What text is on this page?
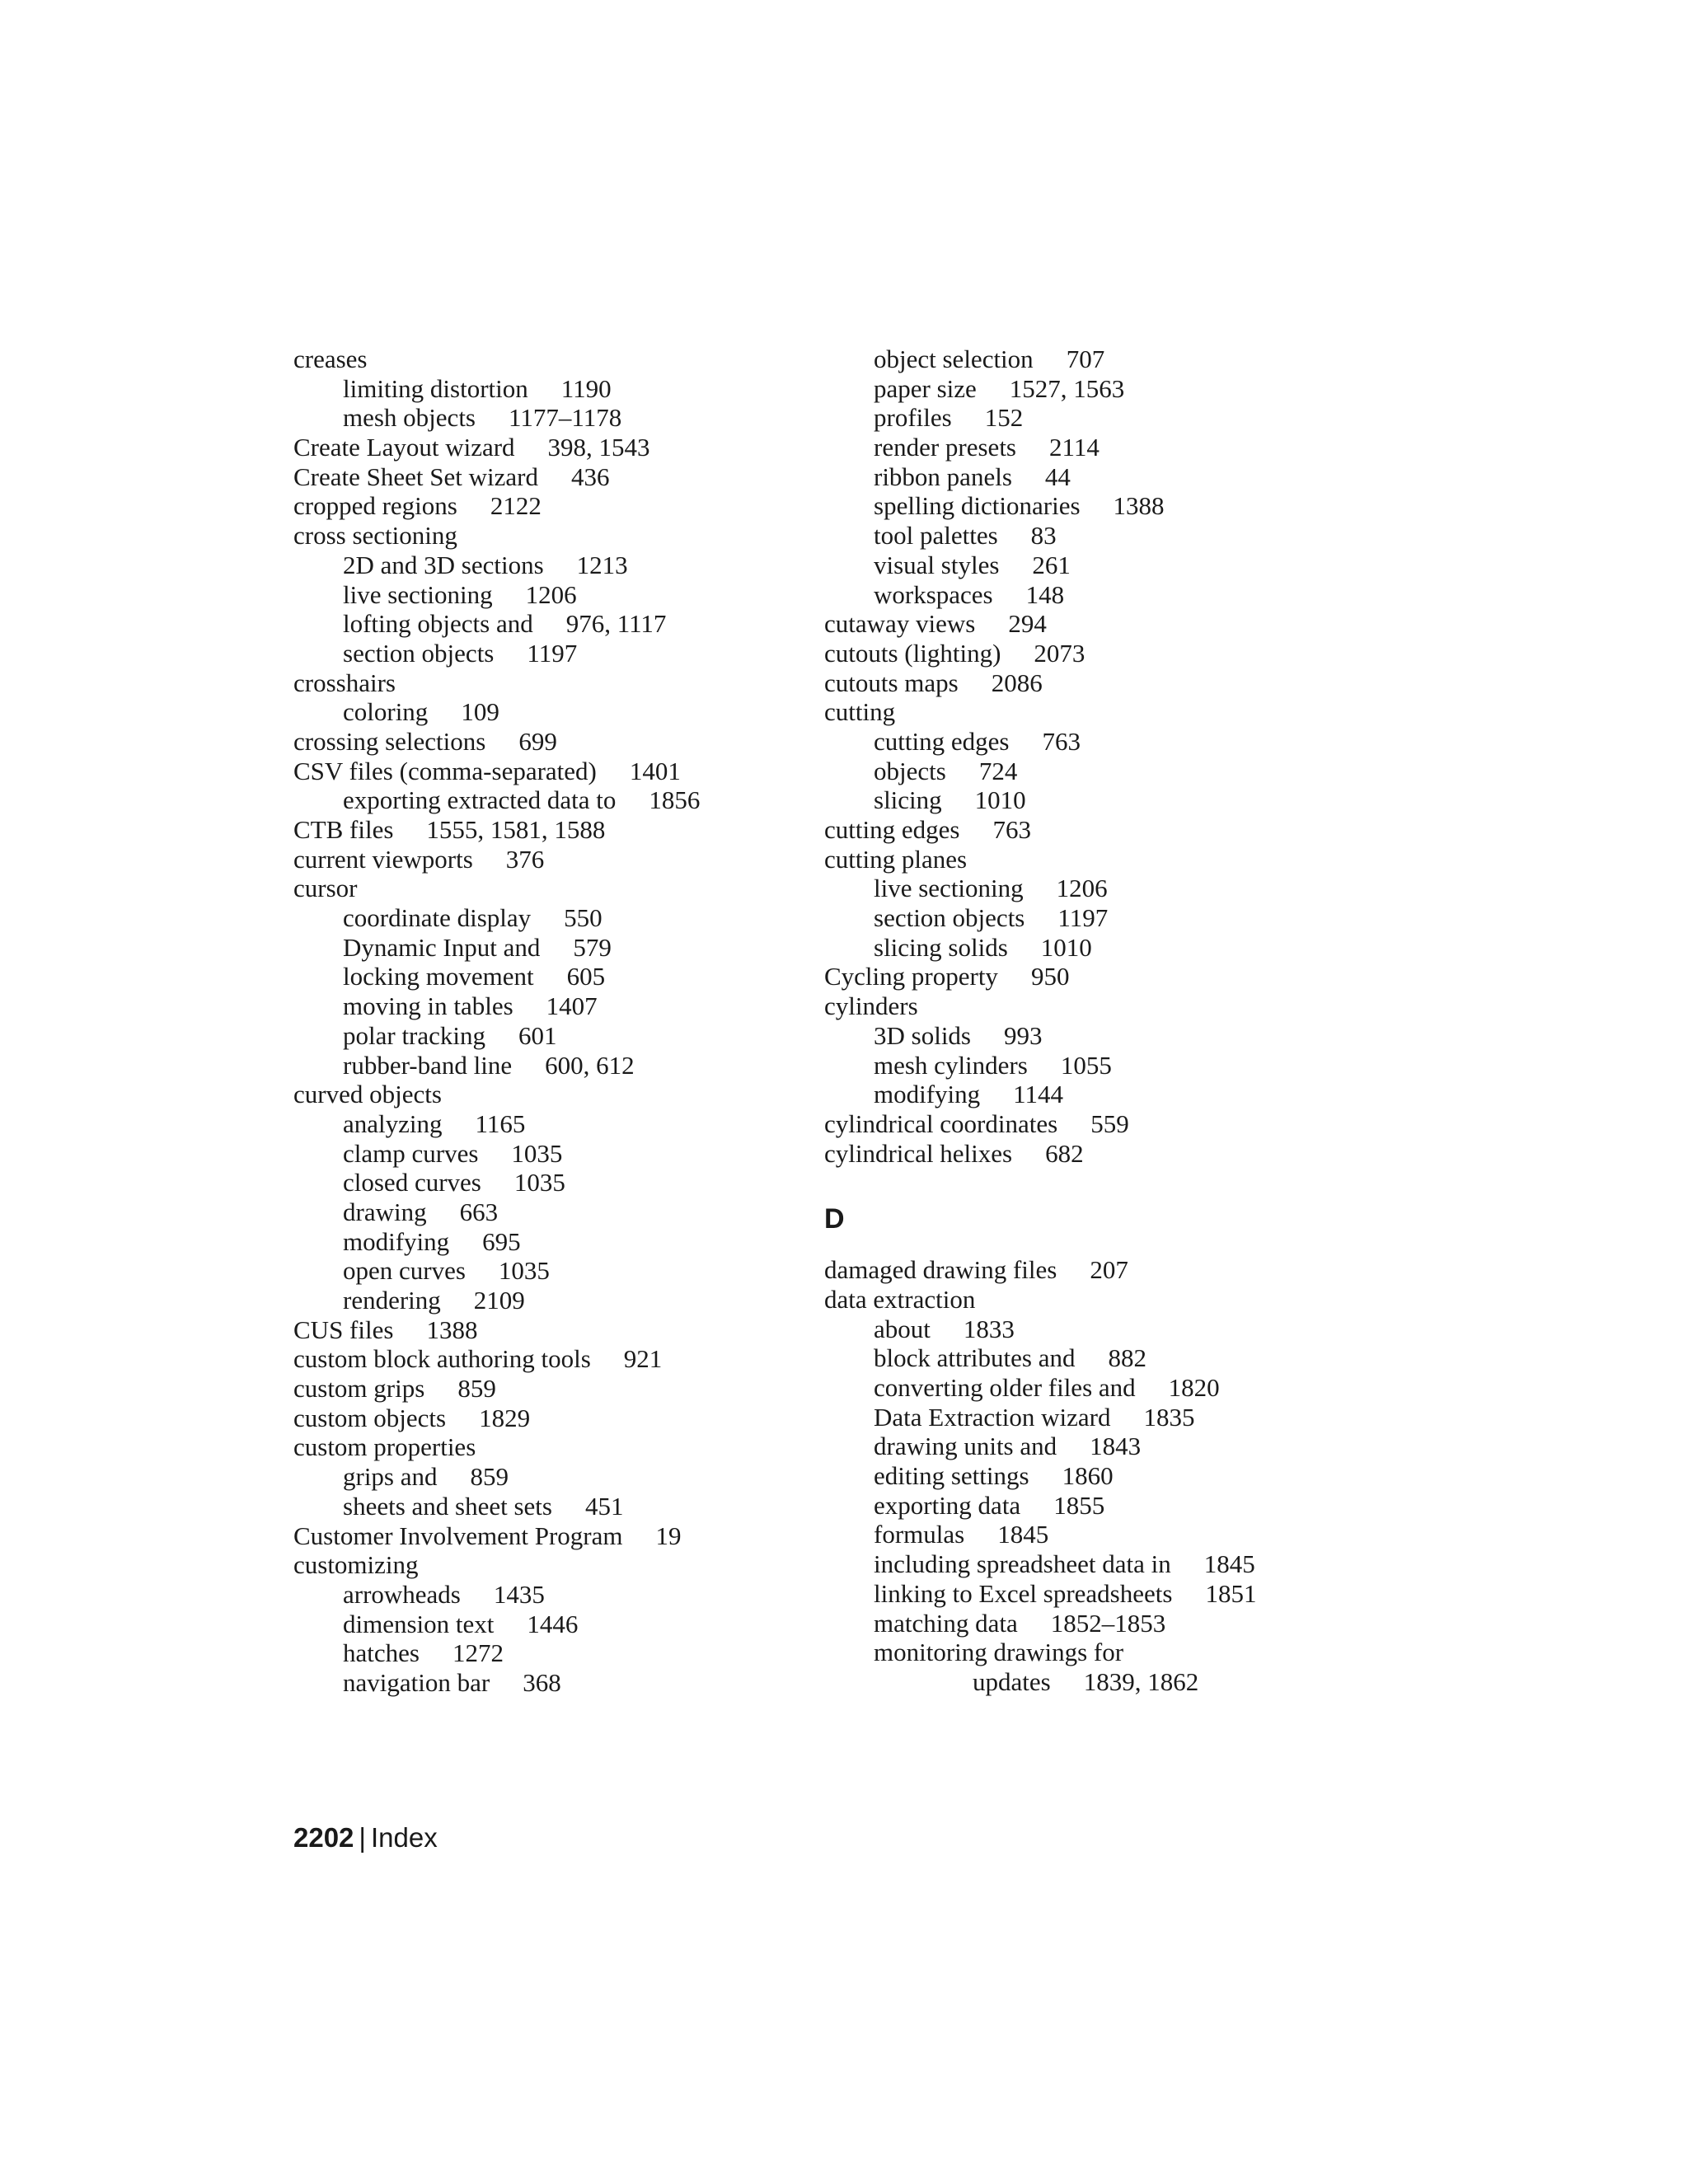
creases
limiting distortion 1190
mesh objects 1177–1178
Create Layout wizard 398, 1543
Create Sheet Set wizard 436
cropped regions 2122
cross sectioning
2D and 3D sections 1213
live sectioning 1206
lofting objects and 976, 1117
section objects 1197
crosshairs
coloring 109
crossing selections 699
CSV files (comma-separated) 1401
exporting extracted data to 1856
CTB files 1555, 1581, 1588
current viewports 376
cursor
coordinate display 550
Dynamic Input and 579
locking movement 605
moving in tables 1407
polar tracking 601
rubber-band line 600, 612
curved objects
analyzing 1165
clamp curves 1035
closed curves 1035
drawing 663
modifying 695
open curves 1035
rendering 2109
CUS files 1388
custom block authoring tools 921
custom grips 859
custom objects 1829
custom properties
grips and 859
sheets and sheet sets 451
Customer Involvement Program 19
customizing
arrowheads 1435
dimension text 1446
hatches 1272
navigation bar 368
object selection 707
paper size 1527, 1563
profiles 152
render presets 2114
ribbon panels 44
spelling dictionaries 1388
tool palettes 83
visual styles 261
workspaces 148
cutaway views 294
cutouts (lighting) 2073
cutouts maps 2086
cutting
cutting edges 763
objects 724
slicing 1010
cutting edges 763
cutting planes
live sectioning 1206
section objects 1197
slicing solids 1010
Cycling property 950
cylinders
3D solids 993
mesh cylinders 1055
modifying 1144
cylindrical coordinates 559
cylindrical helixes 682
D
damaged drawing files 207
data extraction
about 1833
block attributes and 882
converting older files and 1820
Data Extraction wizard 1835
drawing units and 1843
editing settings 1860
exporting data 1855
formulas 1845
including spreadsheet data in 1845
linking to Excel spreadsheets 1851
matching data 1852–1853
monitoring drawings for
updates 1839, 1862
2202 | Index
